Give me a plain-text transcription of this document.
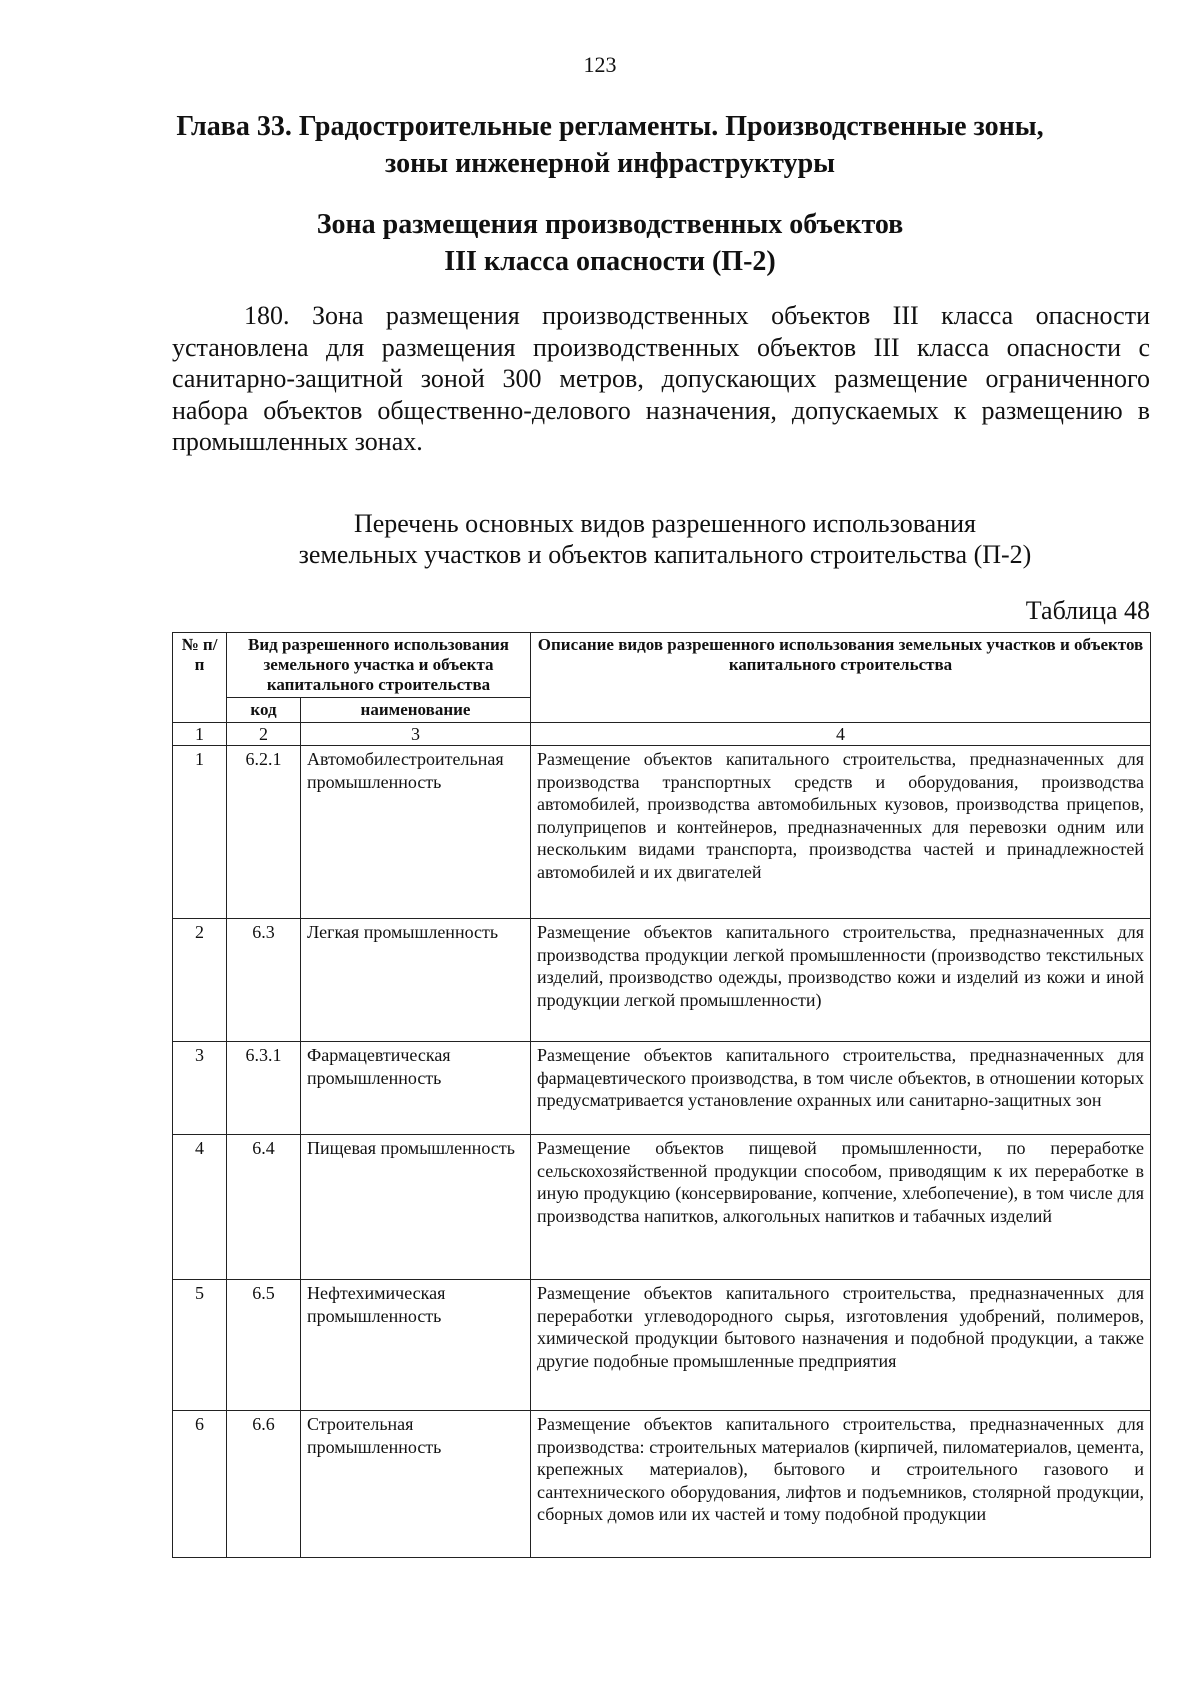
123
Глава 33. Градостроительные регламенты. Производственные зоны,
зоны инженерной инфраструктуры
Зона размещения производственных объектов
III класса опасности (П-2)
180. Зона размещения производственных объектов III класса опасности установлена для размещения производственных объектов III класса опасности с санитарно-защитной зоной 300 метров, допускающих размещение ограниченного набора объектов общественно-делового назначения, допускаемых к размещению в промышленных зонах.
Перечень основных видов разрешенного использования
земельных участков и объектов капитального строительства (П-2)
Таблица 48
№ п/п	Вид разрешенного использования земельного участка и объекта капитального строительства		Описание видов разрешенного использования земельных участков и объектов капитального строительства
	код	наименование	
1	2	3	4
1	6.2.1	Автомобилестроительная промышленность	Размещение объектов капитального строительства, предназначенных для производства транспортных средств и оборудования, производства автомобилей, производства автомобильных кузовов, производства прицепов, полуприцепов и контейнеров, предназначенных для перевозки одним или нескольким видами транспорта, производства частей и принадлежностей автомобилей и их двигателей
2	6.3	Легкая промышленность	Размещение объектов капитального строительства, предназначенных для производства продукции легкой промышленности (производство текстильных изделий, производство одежды, производство кожи и изделий из кожи и иной продукции легкой промышленности)
3	6.3.1	Фармацевтическая промышленность	Размещение объектов капитального строительства, предназначенных для фармацевтического производства, в том числе объектов, в отношении которых предусматривается установление охранных или санитарно-защитных зон
4	6.4	Пищевая промышленность	Размещение объектов пищевой промышленности, по переработке сельскохозяйственной продукции способом, приводящим к их переработке в иную продукцию (консервирование, копчение, хлебопечение), в том числе для производства напитков, алкогольных напитков и табачных изделий
5	6.5	Нефтехимическая промышленность	Размещение объектов капитального строительства, предназначенных для переработки углеводородного сырья, изготовления удобрений, полимеров, химической продукции бытового назначения и подобной продукции, а также другие подобные промышленные предприятия
6	6.6	Строительная промышленность	Размещение объектов капитального строительства, предназначенных для производства: строительных материалов (кирпичей, пиломатериалов, цемента, крепежных материалов), бытового и строительного газового и сантехнического оборудования, лифтов и подъемников, столярной продукции, сборных домов или их частей и тому подобной продукции
